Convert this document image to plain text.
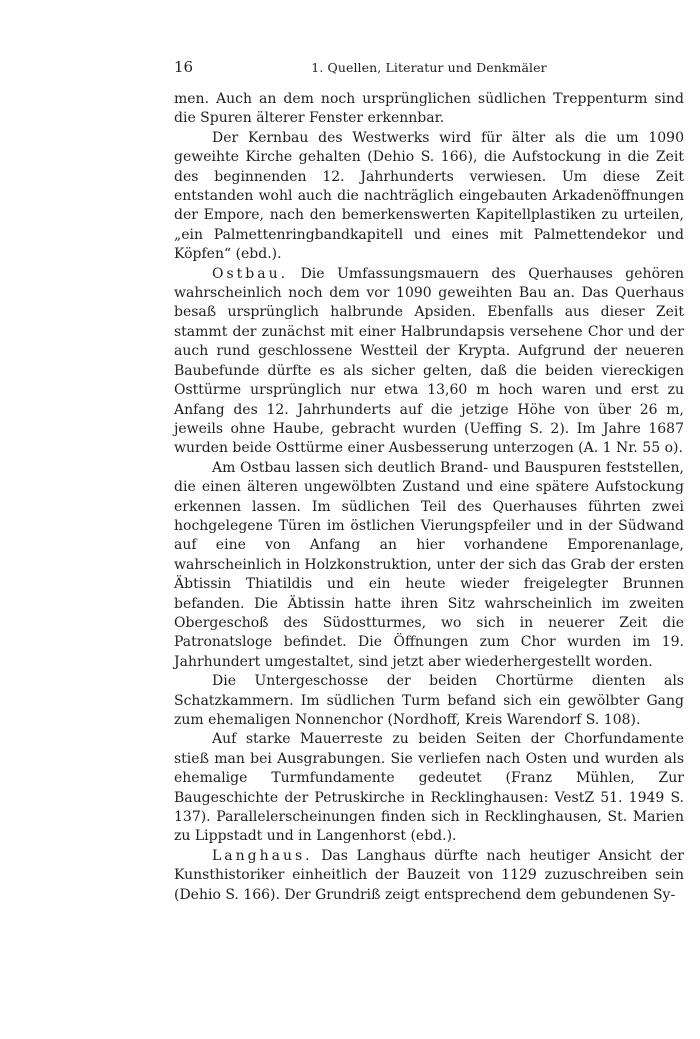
16	1. Quellen, Literatur und Denkmäler

men. Auch an dem noch ursprünglichen südlichen Treppenturm sind die Spuren älterer Fenster erkennbar.

Der Kernbau des Westwerks wird für älter als die um 1090 geweihte Kirche gehalten (Dehio S. 166), die Aufstockung in die Zeit des beginnenden 12. Jahrhunderts verwiesen. Um diese Zeit entstanden wohl auch die nachträglich eingebauten Arkadenöffnungen der Empore, nach den bemerkenswerten Kapitellplastiken zu urteilen, „ein Palmettenringbandkapitell und eines mit Palmettendekor und Köpfen“ (ebd.).

Ostbau. Die Umfassungsmauern des Querhauses gehören wahrscheinlich noch dem vor 1090 geweihten Bau an. Das Querhaus besaß ursprünglich halbrunde Apsiden. Ebenfalls aus dieser Zeit stammt der zunächst mit einer Halbrundapsis versehene Chor und der auch rund geschlossene Westteil der Krypta. Aufgrund der neueren Baubefunde dürfte es als sicher gelten, daß die beiden viereckigen Osttürme ursprünglich nur etwa 13,60 m hoch waren und erst zu Anfang des 12. Jahrhunderts auf die jetzige Höhe von über 26 m, jeweils ohne Haube, gebracht wurden (Ueffing S. 2). Im Jahre 1687 wurden beide Osttürme einer Ausbesserung unterzogen (A. 1 Nr. 55 o).

Am Ostbau lassen sich deutlich Brand- und Bauspuren feststellen, die einen älteren ungewölbten Zustand und eine spätere Aufstockung erkennen lassen. Im südlichen Teil des Querhauses führten zwei hochgelegene Türen im östlichen Vierungspfeiler und in der Südwand auf eine von Anfang an hier vorhandene Emporenanlage, wahrscheinlich in Holzkonstruktion, unter der sich das Grab der ersten Äbtissin Thiatildis und ein heute wieder freigelegter Brunnen befanden. Die Äbtissin hatte ihren Sitz wahrscheinlich im zweiten Obergeschoß des Südostturmes, wo sich in neuerer Zeit die Patronatsloge befindet. Die Öffnungen zum Chor wurden im 19. Jahrhundert umgestaltet, sind jetzt aber wiederhergestellt worden.

Die Untergeschosse der beiden Chortürme dienten als Schatzkammern. Im südlichen Turm befand sich ein gewölbter Gang zum ehemaligen Nonnenchor (Nordhoff, Kreis Warendorf S. 108).

Auf starke Mauerreste zu beiden Seiten der Chorfundamente stieß man bei Ausgrabungen. Sie verliefen nach Osten und wurden als ehemalige Turmfundamente gedeutet (Franz Mühlen, Zur Baugeschichte der Petruskirche in Recklinghausen: VestZ 51. 1949 S. 137). Parallelerscheinungen finden sich in Recklinghausen, St. Marien zu Lippstadt und in Langenhorst (ebd.).

Langhaus. Das Langhaus dürfte nach heutiger Ansicht der Kunsthistoriker einheitlich der Bauzeit von 1129 zuzuschreiben sein (Dehio S. 166). Der Grundriß zeigt entsprechend dem gebundenen Sy-
